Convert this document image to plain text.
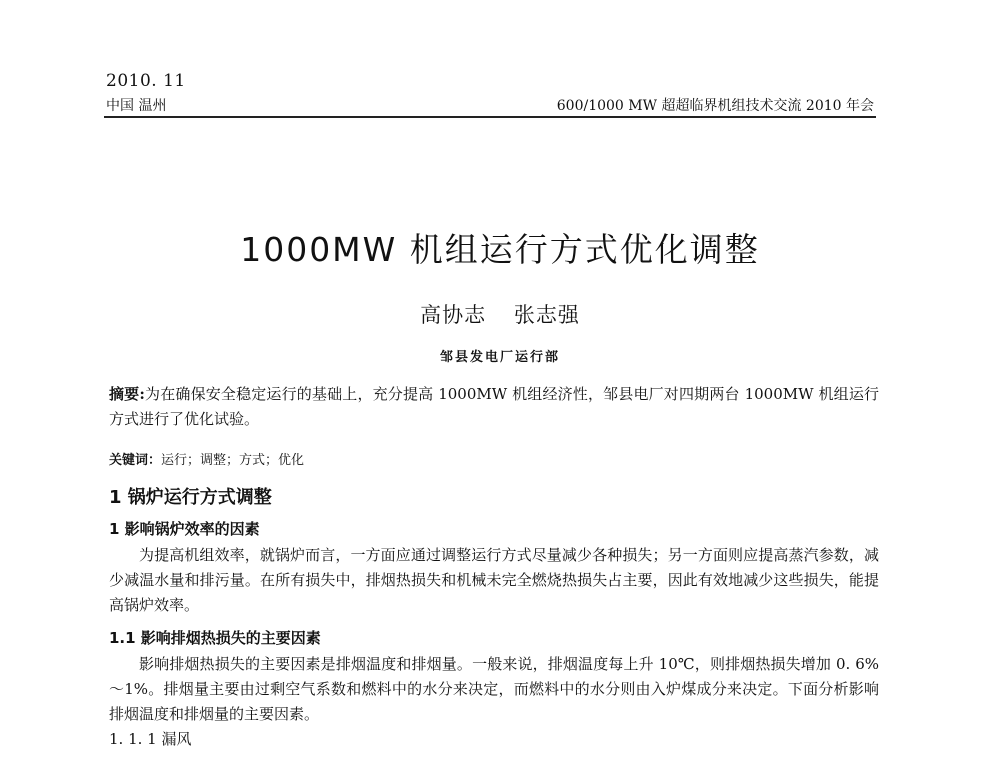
2010. 11
中国 温州	600/1000 MW 超超临界机组技术交流 2010 年会
1000MW 机组运行方式优化调整
高协志 张志强
邹县发电厂运行部
摘要:为在确保安全稳定运行的基础上，充分提高 1000MW 机组经济性，邹县电厂对四期两台 1000MW 机组运行方式进行了优化试验。
关键词：运行；调整；方式；优化
1 锅炉运行方式调整
1 影响锅炉效率的因素
为提高机组效率，就锅炉而言，一方面应通过调整运行方式尽量减少各种损失；另一方面则应提高蒸汽参数，减少减温水量和排污量。在所有损失中，排烟热损失和机械未完全燃烧热损失占主要，因此有效地减少这些损失，能提高锅炉效率。
1.1 影响排烟热损失的主要因素
影响排烟热损失的主要因素是排烟温度和排烟量。一般来说，排烟温度每上升 10℃，则排烟热损失增加 0. 6%～1%。排烟量主要由过剩空气系数和燃料中的水分来决定，而燃料中的水分则由入炉煤成分来决定。下面分析影响排烟温度和排烟量的主要因素。
1. 1. 1 漏风
